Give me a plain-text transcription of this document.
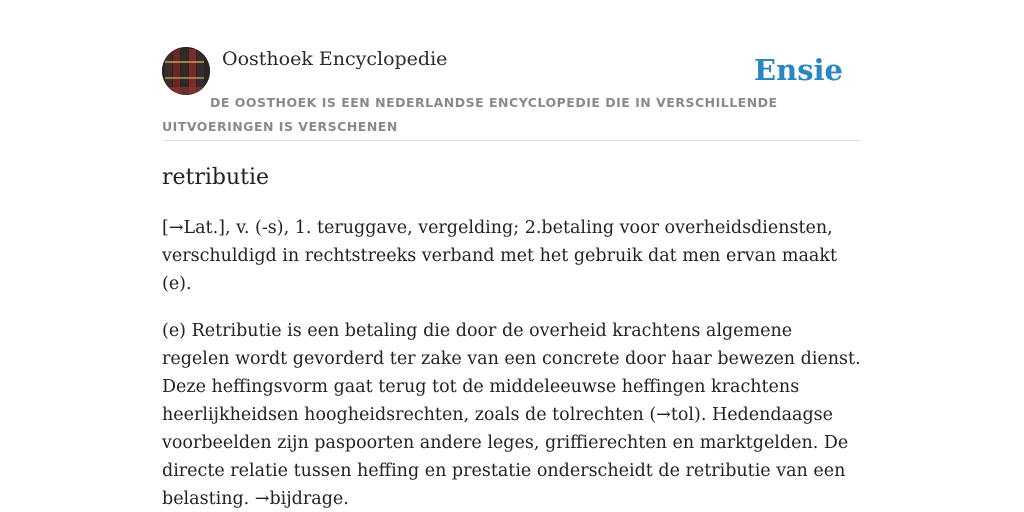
Oosthoek Encyclopedie	Ensie
DE OOSTHOEK IS EEN NEDERLANDSE ENCYCLOPEDIE DIE IN VERSCHILLENDE UITVOERINGEN IS VERSCHENEN
retributie

[→Lat.], v. (-s), 1. teruggave, vergelding; 2.betaling voor overheidsdiensten, verschuldigd in rechtstreeks verband met het gebruik dat men ervan maakt (e).

(e) Retributie is een betaling die door de overheid krachtens algemene regelen wordt gevorderd ter zake van een concrete door haar bewezen dienst. Deze heffingsvorm gaat terug tot de middeleeuwse heffingen krachtens heerlijkheidsen hoogheidsrechten, zoals de tolrechten (→tol). Hedendaagse voorbeelden zijn paspoorten andere leges, griffierechten en marktgelden. De directe relatie tussen heffing en prestatie onderscheidt de retributie van een belasting. →bijdrage.
